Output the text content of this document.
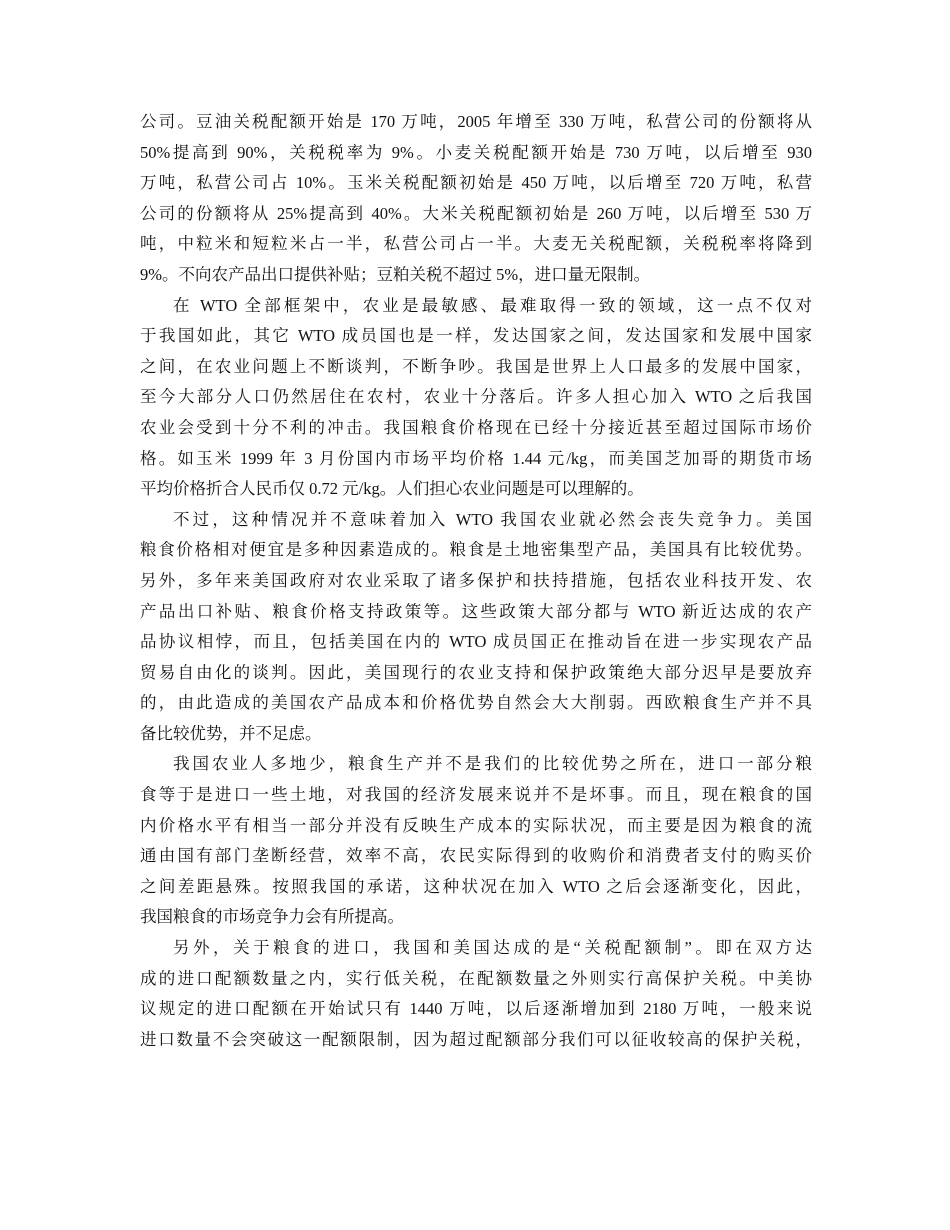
公司。豆油关税配额开始是 170 万吨，2005 年增至 330 万吨，私营公司的份额将从
50%提高到 90%，关税税率为 9%。小麦关税配额开始是 730 万吨，以后增至 930
万吨，私营公司占 10%。玉米关税配额初始是 450 万吨，以后增至 720 万吨，私营
公司的份额将从 25%提高到 40%。大米关税配额初始是 260 万吨，以后增至 530 万
吨，中粒米和短粒米占一半，私营公司占一半。大麦无关税配额，关税税率将降到
9%。不向农产品出口提供补贴；豆粕关税不超过 5%，进口量无限制。
在 WTO 全部框架中，农业是最敏感、最难取得一致的领域，这一点不仅对
于我国如此，其它 WTO 成员国也是一样，发达国家之间，发达国家和发展中国家
之间，在农业问题上不断谈判，不断争吵。我国是世界上人口最多的发展中国家，
至今大部分人口仍然居住在农村，农业十分落后。许多人担心加入 WTO 之后我国
农业会受到十分不利的冲击。我国粮食价格现在已经十分接近甚至超过国际市场价
格。如玉米 1999 年 3 月份国内市场平均价格 1.44 元/kg，而美国芝加哥的期货市场
平均价格折合人民币仅 0.72 元/kg。人们担心农业问题是可以理解的。
不过，这种情况并不意味着加入 WTO 我国农业就必然会丧失竞争力。美国
粮食价格相对便宜是多种因素造成的。粮食是土地密集型产品，美国具有比较优势。
另外，多年来美国政府对农业采取了诸多保护和扶持措施，包括农业科技开发、农
产品出口补贴、粮食价格支持政策等。这些政策大部分都与 WTO 新近达成的农产
品协议相悖，而且，包括美国在内的 WTO 成员国正在推动旨在进一步实现农产品
贸易自由化的谈判。因此，美国现行的农业支持和保护政策绝大部分迟早是要放弃
的，由此造成的美国农产品成本和价格优势自然会大大削弱。西欧粮食生产并不具
备比较优势，并不足虑。
我国农业人多地少，粮食生产并不是我们的比较优势之所在，进口一部分粮
食等于是进口一些土地，对我国的经济发展来说并不是坏事。而且，现在粮食的国
内价格水平有相当一部分并没有反映生产成本的实际状况，而主要是因为粮食的流
通由国有部门垄断经营，效率不高，农民实际得到的收购价和消费者支付的购买价
之间差距悬殊。按照我国的承诺，这种状况在加入 WTO 之后会逐渐变化，因此，
我国粮食的市场竞争力会有所提高。
另外，关于粮食的进口，我国和美国达成的是“关税配额制”。即在双方达
成的进口配额数量之内，实行低关税，在配额数量之外则实行高保护关税。中美协
议规定的进口配额在开始试只有 1440 万吨，以后逐渐增加到 2180 万吨，一般来说
进口数量不会突破这一配额限制，因为超过配额部分我们可以征收较高的保护关税，
